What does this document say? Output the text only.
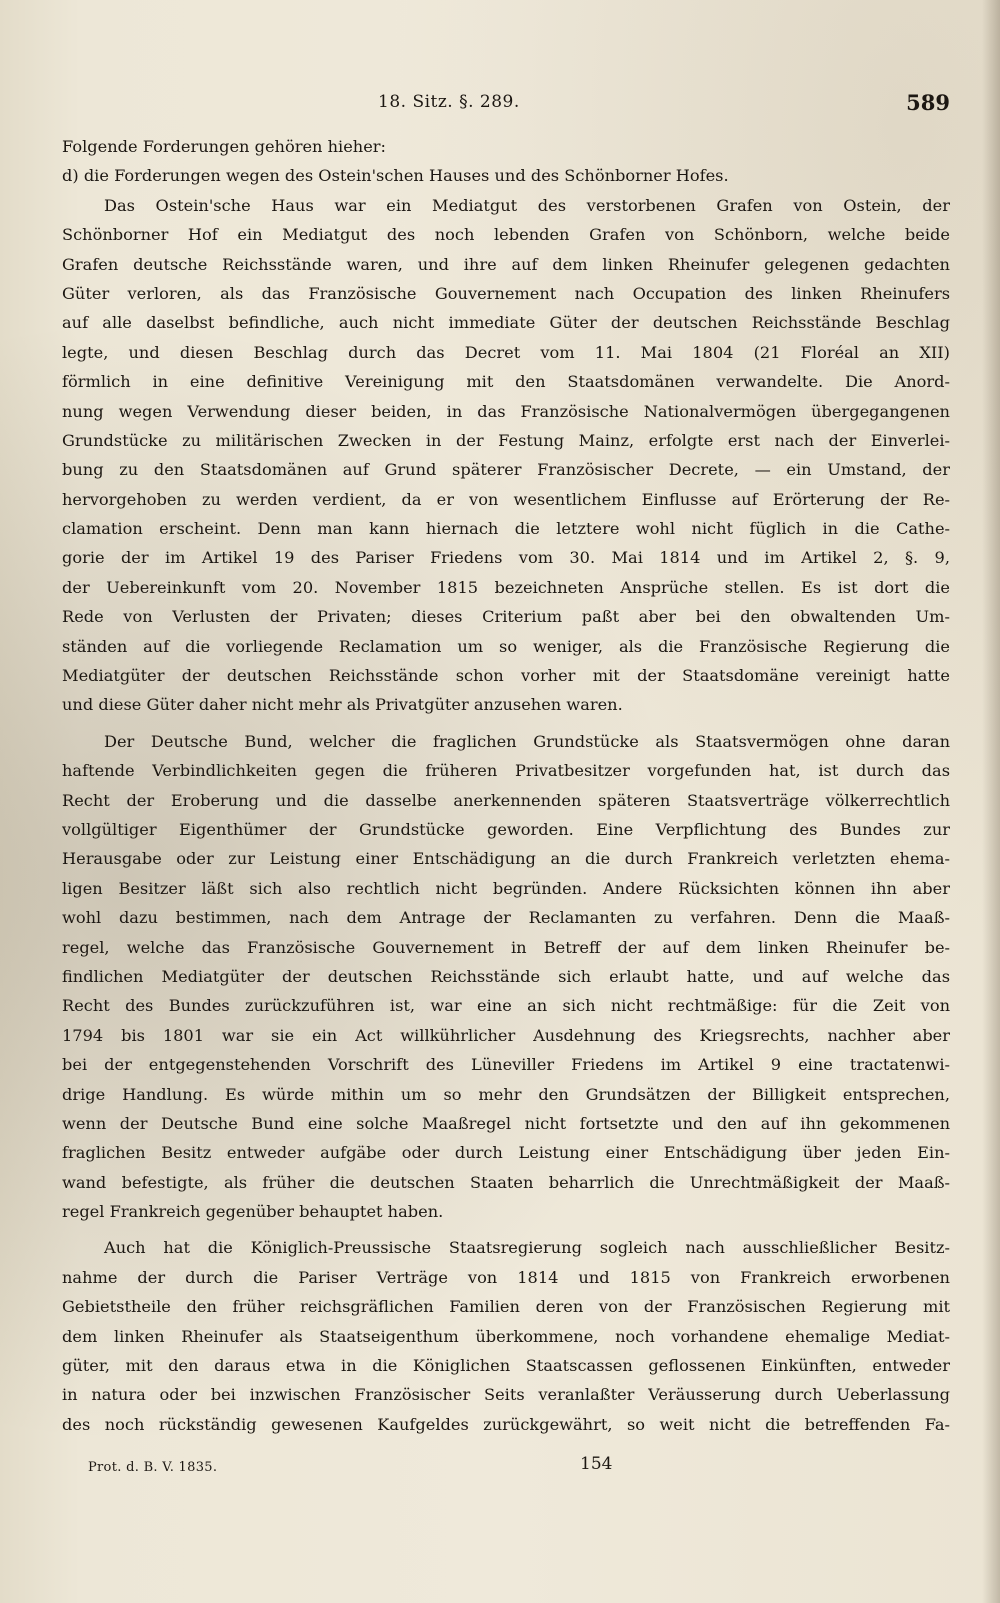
18. Sitz. §. 289.	589
Folgende Forderungen gehören hieher:
d) die Forderungen wegen des Ostein'schen Hauses und des Schönborner Hofes.
Das Ostein'sche Haus war ein Mediatgut des verstorbenen Grafen von Ostein, der
Schönborner Hof ein Mediatgut des noch lebenden Grafen von Schönborn, welche beide
Grafen deutsche Reichsstände waren, und ihre auf dem linken Rheinufer gelegenen gedachten
Güter verloren, als das Französische Gouvernement nach Occupation des linken Rheinufers
auf alle daselbst befindliche, auch nicht immediate Güter der deutschen Reichsstände Beschlag
legte, und diesen Beschlag durch das Decret vom 11. Mai 1804 (21 Floréal an XII)
förmlich in eine definitive Vereinigung mit den Staatsdomänen verwandelte. Die Anord-
nung wegen Verwendung dieser beiden, in das Französische Nationalvermögen übergegangenen
Grundstücke zu militärischen Zwecken in der Festung Mainz, erfolgte erst nach der Einverlei-
bung zu den Staatsdomänen auf Grund späterer Französischer Decrete, — ein Umstand, der
hervorgehoben zu werden verdient, da er von wesentlichem Einflusse auf Erörterung der Re-
clamation erscheint. Denn man kann hiernach die letztere wohl nicht füglich in die Cathe-
gorie der im Artikel 19 des Pariser Friedens vom 30. Mai 1814 und im Artikel 2, §. 9,
der Uebereinkunft vom 20. November 1815 bezeichneten Ansprüche stellen. Es ist dort die
Rede von Verlusten der Privaten; dieses Criterium paßt aber bei den obwaltenden Um-
ständen auf die vorliegende Reclamation um so weniger, als die Französische Regierung die
Mediatgüter der deutschen Reichsstände schon vorher mit der Staatsdomäne vereinigt hatte
und diese Güter daher nicht mehr als Privatgüter anzusehen waren.
Der Deutsche Bund, welcher die fraglichen Grundstücke als Staatsvermögen ohne daran
haftende Verbindlichkeiten gegen die früheren Privatbesitzer vorgefunden hat, ist durch das
Recht der Eroberung und die dasselbe anerkennenden späteren Staatsverträge völkerrechtlich
vollgültiger Eigenthümer der Grundstücke geworden. Eine Verpflichtung des Bundes zur
Herausgabe oder zur Leistung einer Entschädigung an die durch Frankreich verletzten ehema-
ligen Besitzer läßt sich also rechtlich nicht begründen. Andere Rücksichten können ihn aber
wohl dazu bestimmen, nach dem Antrage der Reclamanten zu verfahren. Denn die Maaß-
regel, welche das Französische Gouvernement in Betreff der auf dem linken Rheinufer be-
findlichen Mediatgüter der deutschen Reichsstände sich erlaubt hatte, und auf welche das
Recht des Bundes zurückzuführen ist, war eine an sich nicht rechtmäßige: für die Zeit von
1794 bis 1801 war sie ein Act willkührlicher Ausdehnung des Kriegsrechts, nachher aber
bei der entgegenstehenden Vorschrift des Lüneviller Friedens im Artikel 9 eine tractatenwi-
drige Handlung. Es würde mithin um so mehr den Grundsätzen der Billigkeit entsprechen,
wenn der Deutsche Bund eine solche Maaßregel nicht fortsetzte und den auf ihn gekommenen
fraglichen Besitz entweder aufgäbe oder durch Leistung einer Entschädigung über jeden Ein-
wand befestigte, als früher die deutschen Staaten beharrlich die Unrechtmäßigkeit der Maaß-
regel Frankreich gegenüber behauptet haben.
Auch hat die Königlich-Preussische Staatsregierung sogleich nach ausschließlicher Besitz-
nahme der durch die Pariser Verträge von 1814 und 1815 von Frankreich erworbenen
Gebietstheile den früher reichsgräflichen Familien deren von der Französischen Regierung mit
dem linken Rheinufer als Staatseigenthum überkommene, noch vorhandene ehemalige Mediat-
güter, mit den daraus etwa in die Königlichen Staatscassen geflossenen Einkünften, entweder
in natura oder bei inzwischen Französischer Seits veranlaßter Veräusserung durch Ueberlassung
des noch rückständig gewesenen Kaufgeldes zurückgewährt, so weit nicht die betreffenden Fa-
Prot. d. B. V. 1835.	154
